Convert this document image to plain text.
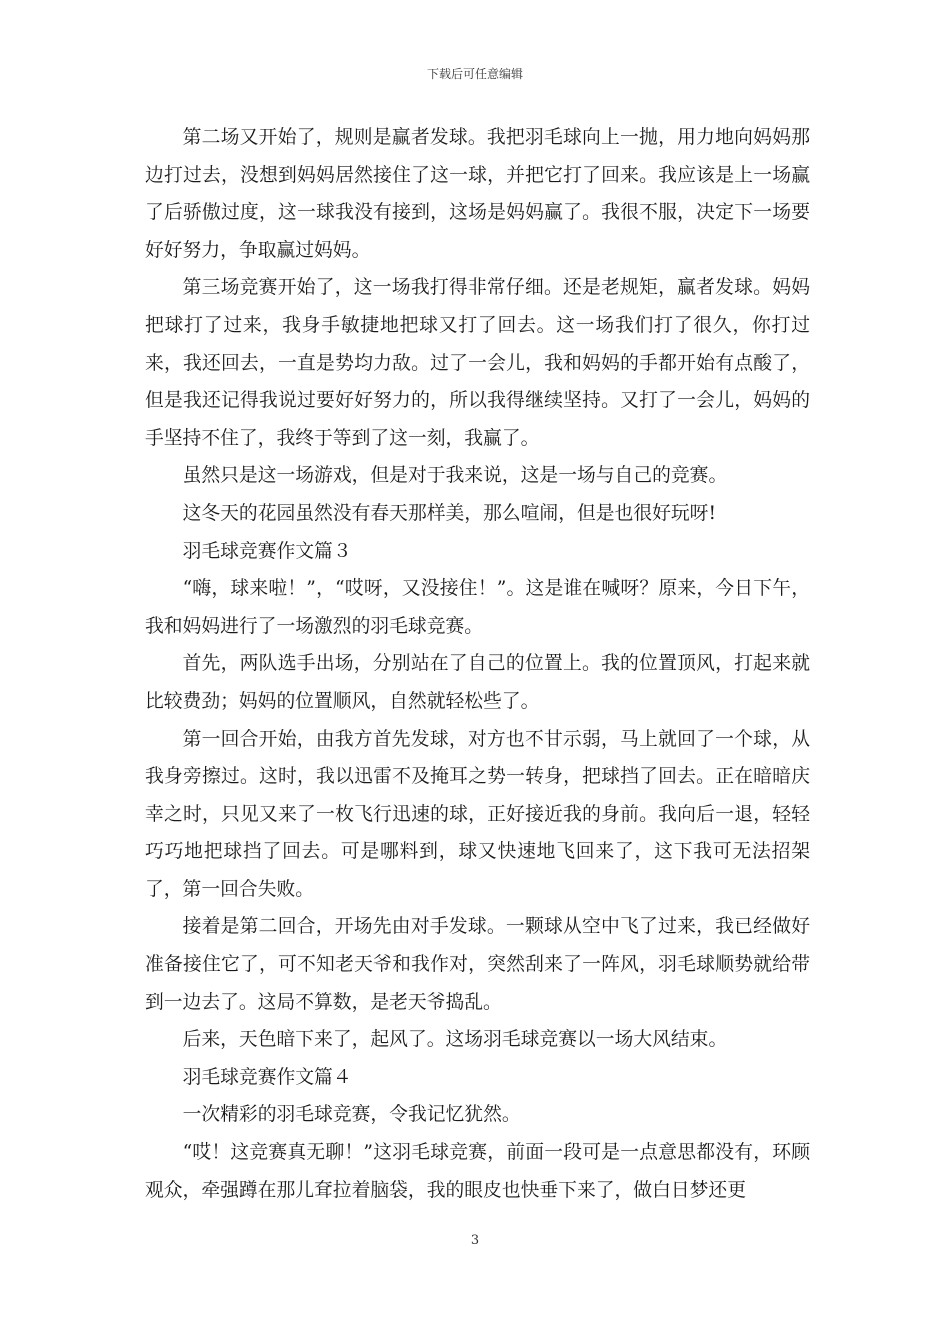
下载后可任意编辑

第二场又开始了，规则是赢者发球。我把羽毛球向上一抛，用力地向妈妈那边打过去，没想到妈妈居然接住了这一球，并把它打了回来。我应该是上一场赢了后骄傲过度，这一球我没有接到，这场是妈妈赢了。我很不服，决定下一场要好好努力，争取赢过妈妈。

第三场竞赛开始了，这一场我打得非常仔细。还是老规矩，赢者发球。妈妈把球打了过来，我身手敏捷地把球又打了回去。这一场我们打了很久，你打过来，我还回去，一直是势均力敌。过了一会儿，我和妈妈的手都开始有点酸了，但是我还记得我说过要好好努力的，所以我得继续坚持。又打了一会儿，妈妈的手坚持不住了，我终于等到了这一刻，我赢了。

虽然只是这一场游戏，但是对于我来说，这是一场与自己的竞赛。

这冬天的花园虽然没有春天那样美，那么喧闹，但是也很好玩呀!

羽毛球竞赛作文篇３

“嗨，球来啦！”，“哎呀，又没接住！”。这是谁在喊呀？原来，今日下午，我和妈妈进行了一场激烈的羽毛球竞赛。

首先，两队选手出场，分别站在了自己的位置上。我的位置顶风，打起来就比较费劲；妈妈的位置顺风，自然就轻松些了。

第一回合开始，由我方首先发球，对方也不甘示弱，马上就回了一个球，从我身旁擦过。这时，我以迅雷不及掩耳之势一转身，把球挡了回去。正在暗暗庆幸之时，只见又来了一枚飞行迅速的球，正好接近我的身前。我向后一退，轻轻巧巧地把球挡了回去。可是哪料到，球又快速地飞回来了，这下我可无法招架了，第一回合失败。

接着是第二回合，开场先由对手发球。一颗球从空中飞了过来，我已经做好准备接住它了，可不知老天爷和我作对，突然刮来了一阵风，羽毛球顺势就给带到一边去了。这局不算数，是老天爷捣乱。

后来，天色暗下来了，起风了。这场羽毛球竞赛以一场大风结束。

羽毛球竞赛作文篇４

一次精彩的羽毛球竞赛，令我记忆犹然。

“哎！这竞赛真无聊！”这羽毛球竞赛，前面一段可是一点意思都没有，环顾观众，牵强蹲在那儿耷拉着脑袋，我的眼皮也快垂下来了，做白日梦还更

3
